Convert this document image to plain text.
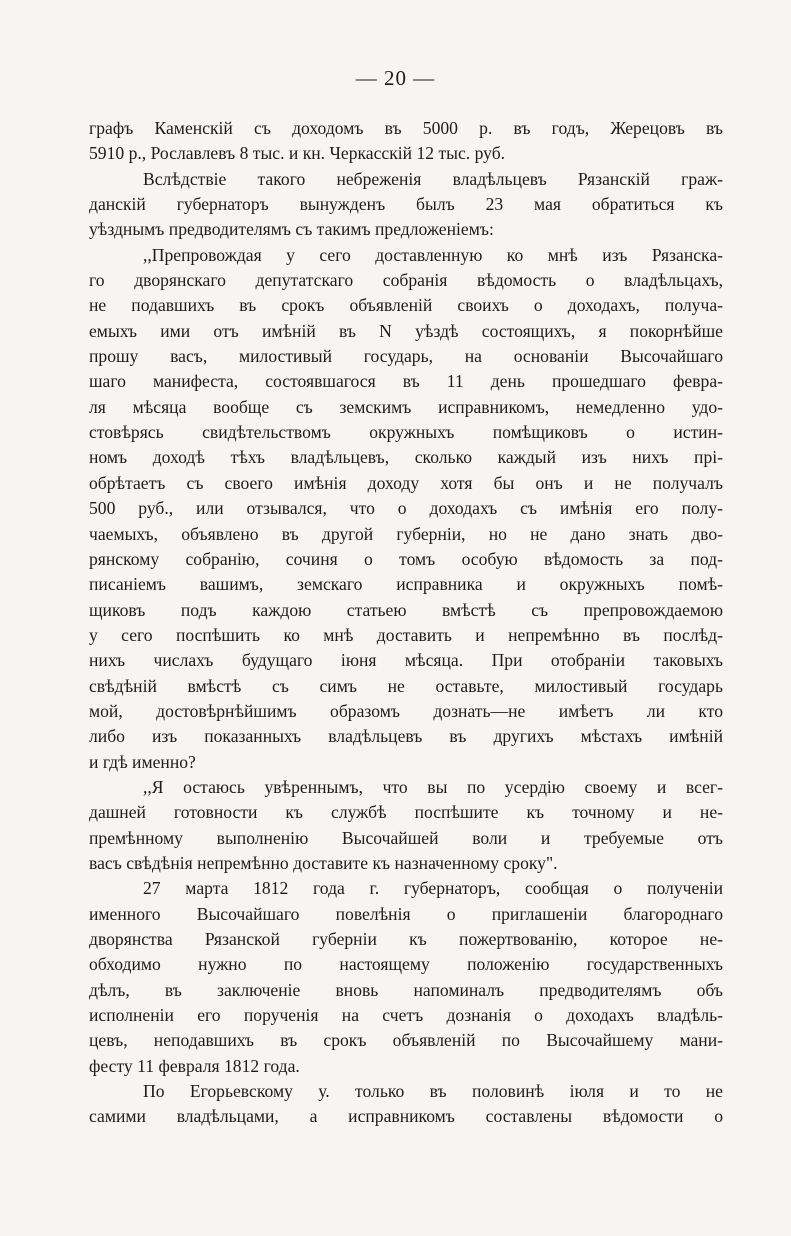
— 20 —
графъ Каменскій съ доходомъ въ 5000 р. въ годъ, Жерецовъ въ
5910 р., Рославлевъ 8 тыс. и кн. Черкасскій 12 тыс. руб.
Вслѣдствіе такого небреженія владѣльцевъ Рязанскій граж-
данскій губернаторъ вынужденъ былъ 23 мая обратиться къ
уѣзднымъ предводителямъ съ такимъ предложеніемъ:
,,Препровождая у сего доставленную ко мнѣ изъ Рязанска-
го дворянскаго депутатскаго собранія вѣдомость о владѣльцахъ,
не подавшихъ въ срокъ объявленій своихъ о доходахъ, получа-
емыхъ ими отъ имѣній въ N уѣздѣ состоящихъ, я покорнѣйше
прошу васъ, милостивый государь, на основаніи Высочайшаго
шаго манифеста, состоявшагося въ 11 день прошедшаго февра-
ля мѣсяца вообще съ земскимъ исправникомъ, немедленно удо-
стовѣрясь свидѣтельствомъ окружныхъ помѣщиковъ о истин-
номъ доходѣ тѣхъ владѣльцевъ, сколько каждый изъ нихъ прі-
обрѣтаетъ съ своего имѣнія доходу хотя бы онъ и не получалъ
500 руб., или отзывался, что о доходахъ съ имѣнія его полу-
чаемыхъ, объявлено въ другой губерніи, но не дано знать дво-
рянскому собранію, сочиня о томъ особую вѣдомость за под-
писаніемъ вашимъ, земскаго исправника и окружныхъ помѣ-
щиковъ подъ каждою статьею вмѣстѣ съ препровождаемою
у сего поспѣшить ко мнѣ доставить и непремѣнно въ послѣд-
нихъ числахъ будущаго іюня мѣсяца. При отобраніи таковыхъ
свѣдѣній вмѣстѣ съ симъ не оставьте, милостивый государь
мой, достовѣрнѣйшимъ образомъ дознать—не имѣетъ ли кто
либо изъ показанныхъ владѣльцевъ въ другихъ мѣстахъ имѣній
и гдѣ именно?
,,Я остаюсь увѣреннымъ, что вы по усердію своему и всег-
дашней готовности къ службѣ поспѣшите къ точному и не-
премѣнному выполненію Высочайшей воли и требуемые отъ
васъ свѣдѣнія непремѣнно доставите къ назначенному сроку".
27 марта 1812 года г. губернаторъ, сообщая о полученіи
именного Высочайшаго повелѣнія о приглашеніи благороднаго
дворянства Рязанской губерніи къ пожертвованію, которое не-
обходимо нужно по настоящему положенію государственныхъ
дѣлъ, въ заключеніе вновь напоминалъ предводителямъ объ
исполненіи его порученія на счетъ дознанія о доходахъ владѣль-
цевъ, неподавшихъ въ срокъ объявленій по Высочайшему мани-
фесту 11 февраля 1812 года.
По Егорьевскому у. только въ половинѣ іюля и то не
самими владѣльцами, а исправникомъ составлены вѣдомости о
